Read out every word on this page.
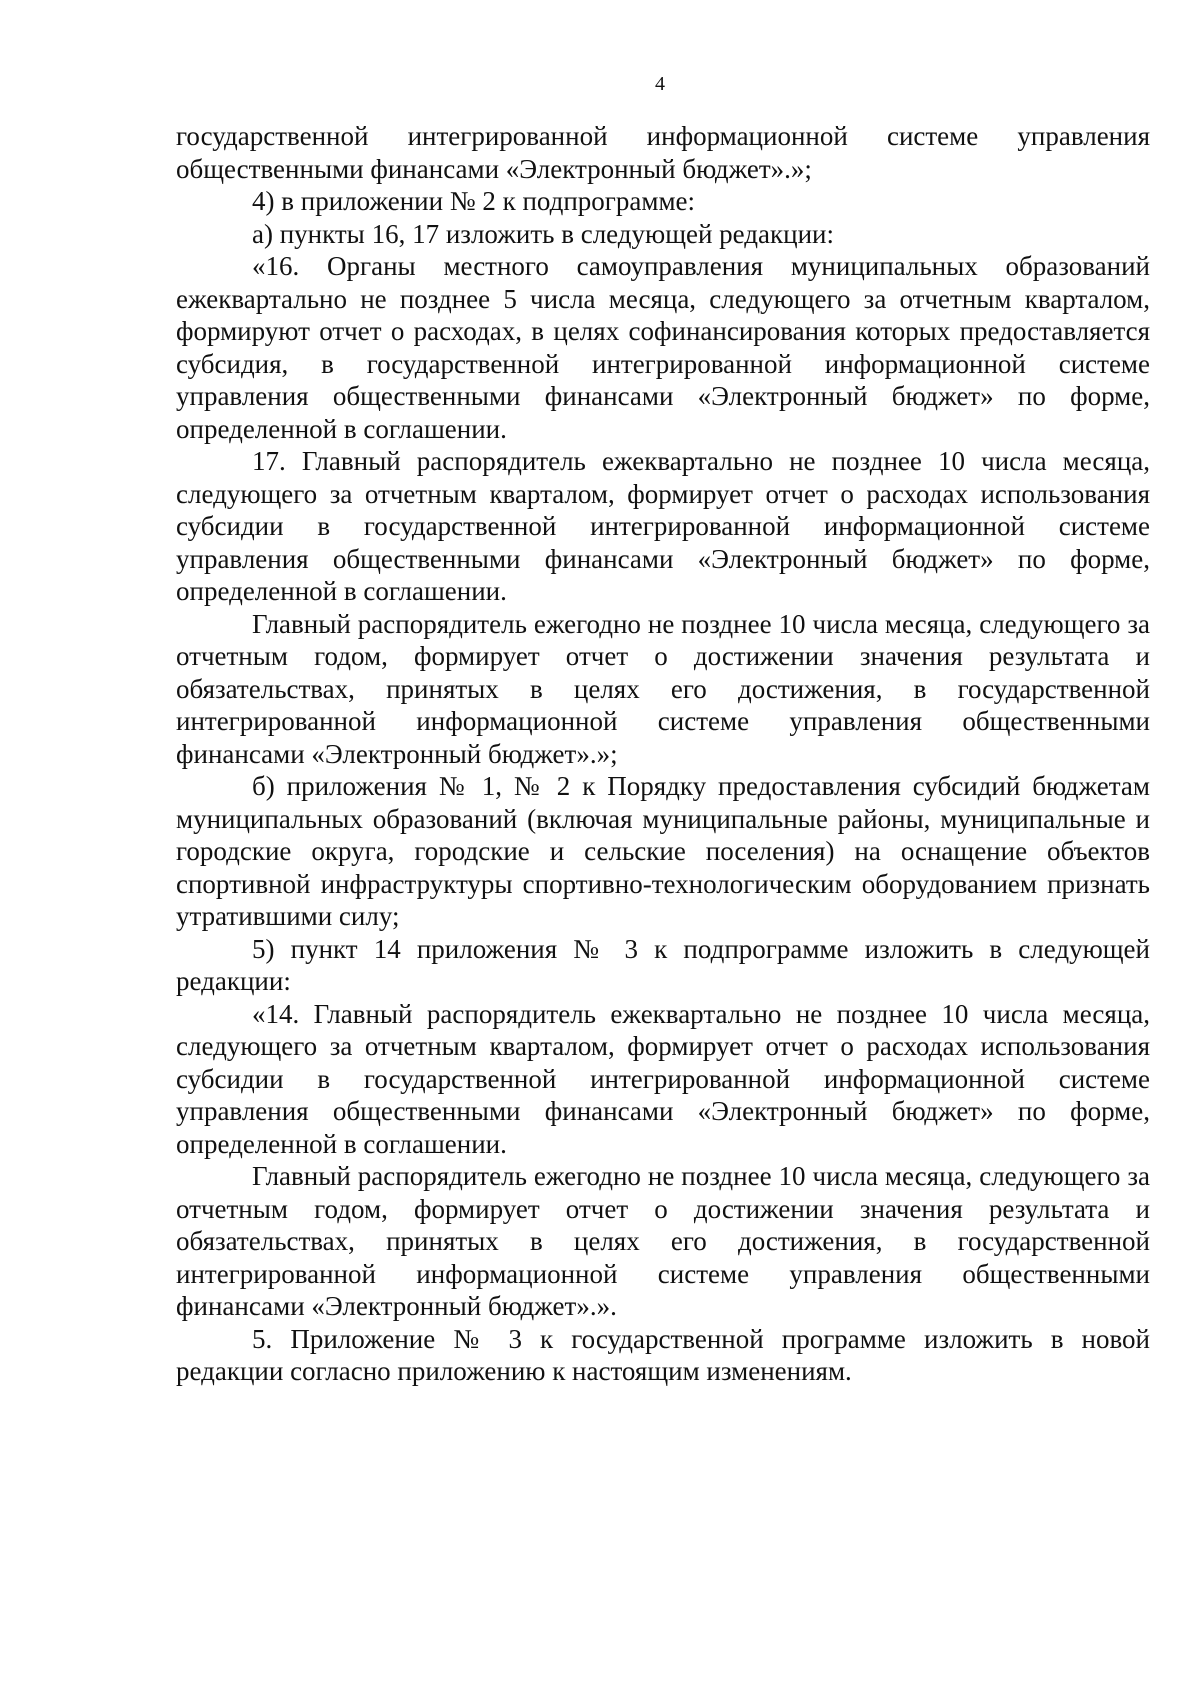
4

государственной интегрированной информационной системе управления общественными финансами «Электронный бюджет».»;

4) в приложении № 2 к подпрограмме:

а) пункты 16, 17 изложить в следующей редакции:

«16. Органы местного самоуправления муниципальных образований ежеквартально не позднее 5 числа месяца, следующего за отчетным кварталом, формируют отчет о расходах, в целях софинансирования которых предоставляется субсидия, в государственной интегрированной информационной системе управления общественными финансами «Электронный бюджет» по форме, определенной в соглашении.

17. Главный распорядитель ежеквартально не позднее 10 числа месяца, следующего за отчетным кварталом, формирует отчет о расходах использования субсидии в государственной интегрированной информационной системе управления общественными финансами «Электронный бюджет» по форме, определенной в соглашении.

Главный распорядитель ежегодно не позднее 10 числа месяца, следующего за отчетным годом, формирует отчет о достижении значения результата и обязательствах, принятых в целях его достижения, в государственной интегрированной информационной системе управления общественными финансами «Электронный бюджет».»;

б) приложения № 1, № 2 к Порядку предоставления субсидий бюджетам муниципальных образований (включая муниципальные районы, муниципальные и городские округа, городские и сельские поселения) на оснащение объектов спортивной инфраструктуры спортивно-технологическим оборудованием признать утратившими силу;

5) пункт 14 приложения № 3 к подпрограмме изложить в следующей редакции:

«14. Главный распорядитель ежеквартально не позднее 10 числа месяца, следующего за отчетным кварталом, формирует отчет о расходах использования субсидии в государственной интегрированной информационной системе управления общественными финансами «Электронный бюджет» по форме, определенной в соглашении.

Главный распорядитель ежегодно не позднее 10 числа месяца, следующего за отчетным годом, формирует отчет о достижении значения результата и обязательствах, принятых в целях его достижения, в государственной интегрированной информационной системе управления общественными финансами «Электронный бюджет».».

5. Приложение № 3 к государственной программе изложить в новой редакции согласно приложению к настоящим изменениям.
